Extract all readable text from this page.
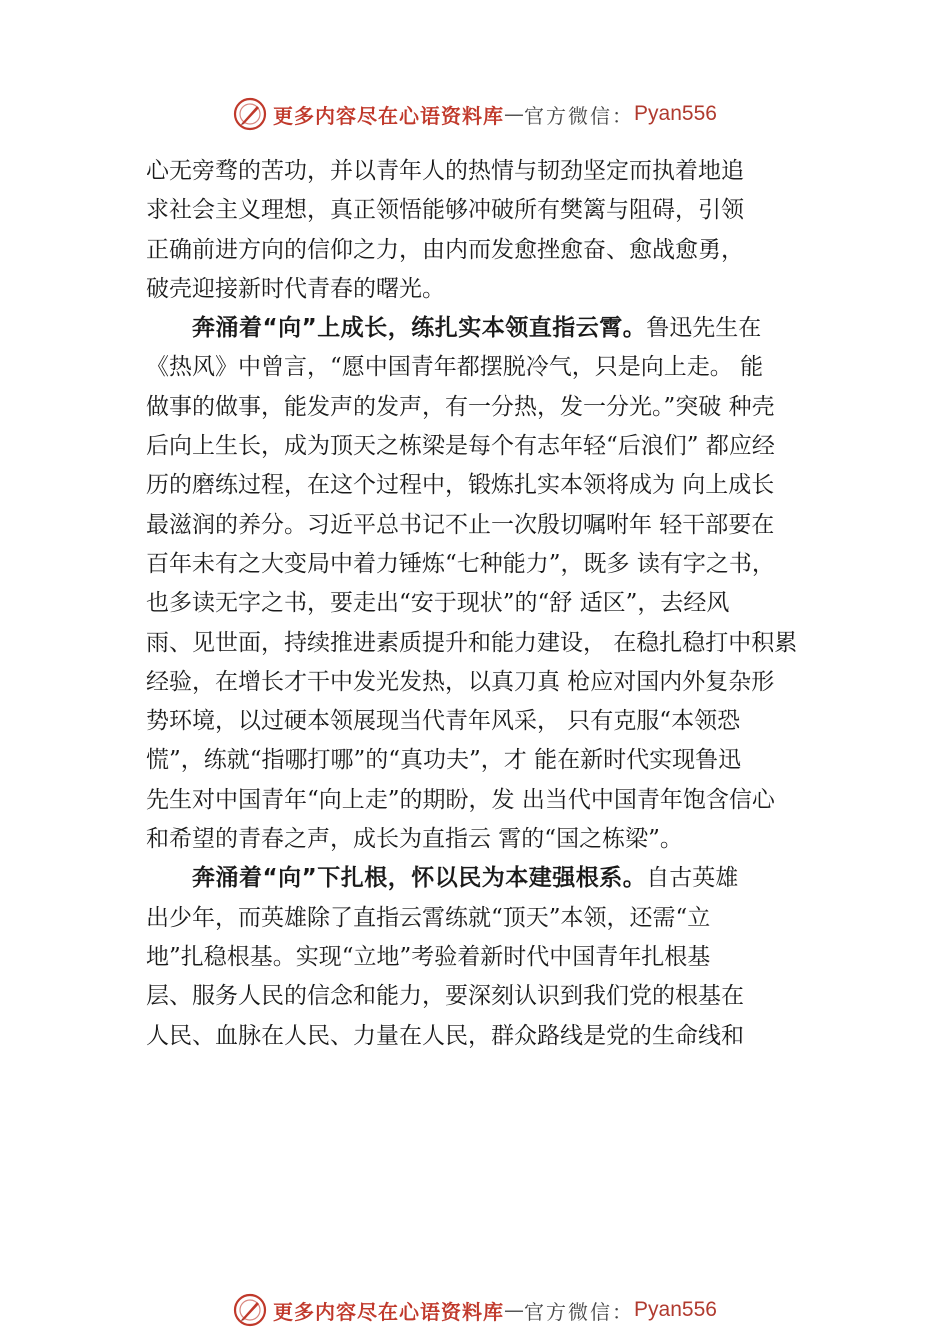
更多内容尽在心语资料库 — 官方微信： Pyan556
心无旁骛的苦功，并以青年人的热情与韧劲坚定而执着地追
求社会主义理想，真正领悟能够冲破所有樊篱与阻碍，引领
正确前进方向的信仰之力，由内而发愈挫愈奋、愈战愈勇，
破壳迎接新时代青春的曙光。
奔涌着“向”上成长，练扎实本领直指云霄。鲁迅先生在
《热风》中曾言，“愿中国青年都摆脱冷气，只是向上走。 能
做事的做事，能发声的发声，有一分热，发一分光。”突破 种壳
后向上生长，成为顶天之栋梁是每个有志年轻“后浪们” 都应经
历的磨练过程，在这个过程中，锻炼扎实本领将成为 向上成长
最滋润的养分。习近平总书记不止一次殷切嘱咐年 轻干部要在
百年未有之大变局中着力锤炼“七种能力”，既多 读有字之书，
也多读无字之书，要走出“安于现状”的“舒 适区”，去经风
雨、见世面，持续推进素质提升和能力建设， 在稳扎稳打中积累
经验，在增长才干中发光发热，以真刀真 枪应对国内外复杂形
势环境，以过硬本领展现当代青年风采， 只有克服“本领恐
慌”，练就“指哪打哪”的“真功夫”，才 能在新时代实现鲁迅
先生对中国青年“向上走”的期盼，发 出当代中国青年饱含信心
和希望的青春之声，成长为直指云 霄的“国之栋梁”。
奔涌着“向”下扎根，怀以民为本建强根系。自古英雄
出少年，而英雄除了直指云霄练就“顶天”本领，还需“立
地”扎稳根基。实现“立地”考验着新时代中国青年扎根基
层、服务人民的信念和能力，要深刻认识到我们党的根基在
人民、血脉在人民、力量在人民，群众路线是党的生命线和
更多内容尽在心语资料库 — 官方微信： Pyan556
